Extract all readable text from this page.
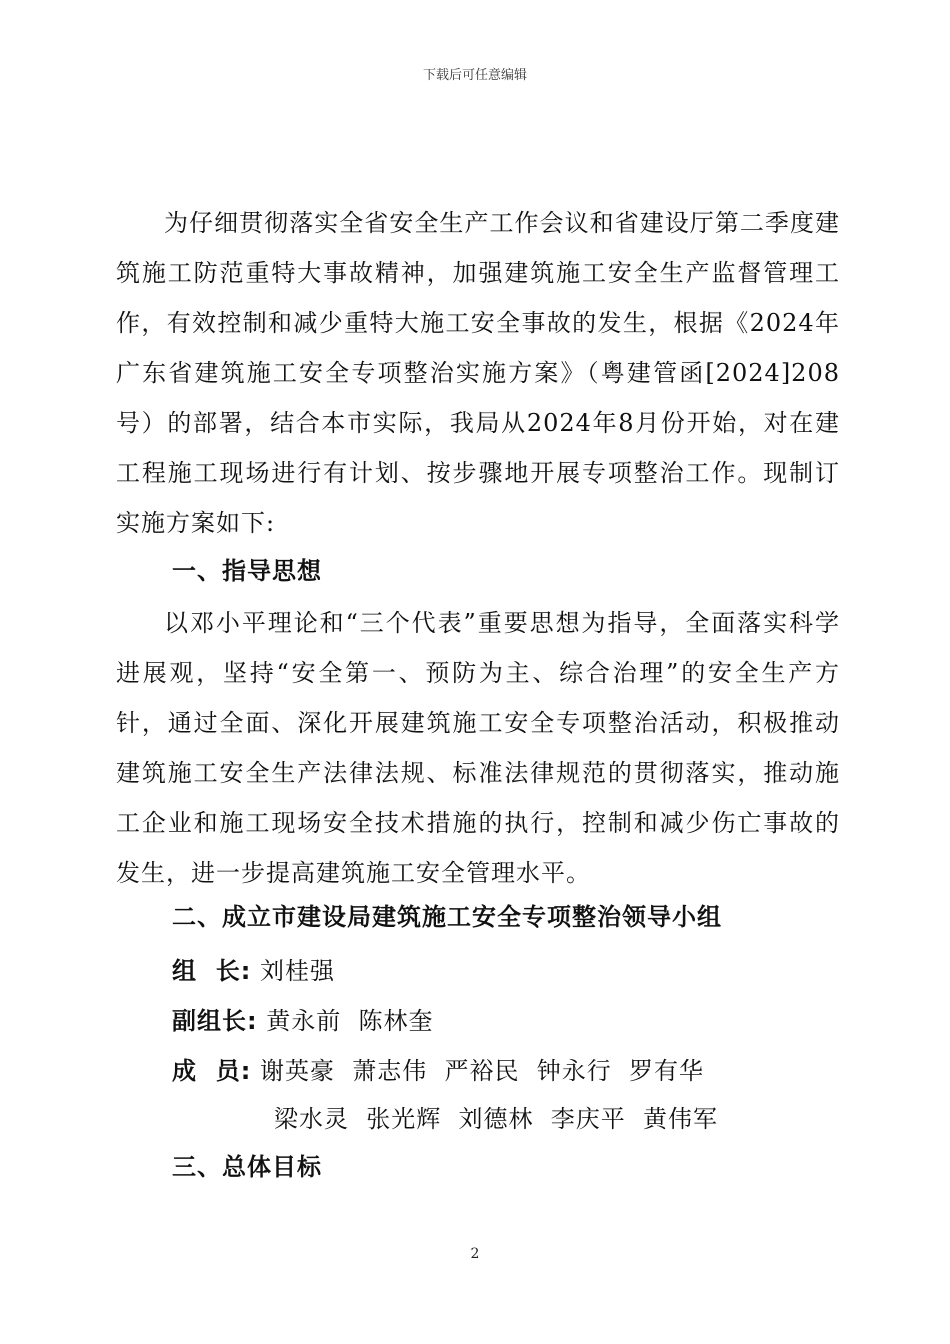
下载后可任意编辑

为仔细贯彻落实全省安全生产工作会议和省建设厅第二季度建筑施工防范重特大事故精神，加强建筑施工安全生产监督管理工作，有效控制和减少重特大施工安全事故的发生，根据《2024年广东省建筑施工安全专项整治实施方案》（粤建管函[2024]208号）的部署，结合本市实际，我局从2024年8月份开始，对在建工程施工现场进行有计划、按步骤地开展专项整治工作。现制订实施方案如下:

一、指导思想

以邓小平理论和“三个代表”重要思想为指导，全面落实科学进展观，坚持“安全第一、预防为主、综合治理”的安全生产方针，通过全面、深化开展建筑施工安全专项整治活动，积极推动建筑施工安全生产法律法规、标准法律规范的贯彻落实，推动施工企业和施工现场安全技术措施的执行，控制和减少伤亡事故的发生，进一步提高建筑施工安全管理水平。

二、成立市建设局建筑施工安全专项整治领导小组
组  长: 刘桂强
副组长: 黄永前  陈林奎
成  员: 谢英豪  萧志伟  严裕民  钟永行  罗有华
梁水灵  张光辉  刘德林  李庆平  黄伟军
三、总体目标
2
